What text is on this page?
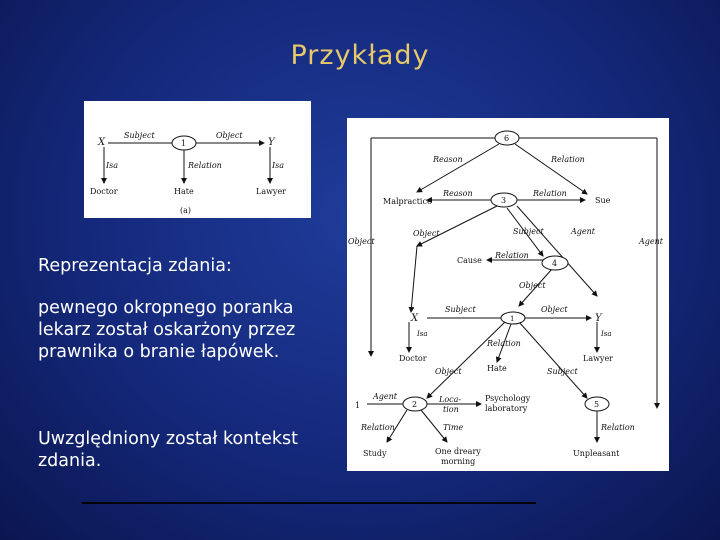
Przykłady
X	1	Y
Subject	Object
Isa	Relation	Isa
Doctor	Hate	Lawyer
(a)
6
3
4
1
2	5
Reason	Relation
Malpractice	Sue
Reason	Relation
Object
Object
Subject	Agent
Agent
Cause
Relation
Object
X	Y
Subject	Object
Isa	Isa
Doctor	Lawyer
Relation
Object	Subject
Hate
Agent
1
Loca-
tion
Psychology
laboratory
Relation	Time	Relation
Study	One dreary
morning
Unpleasant
Reprezentacja zdania:
pewnego okropnego poranka lekarz został oskarżony przez prawnika o branie łapówek.
Uwzględniony został kontekst zdania.
